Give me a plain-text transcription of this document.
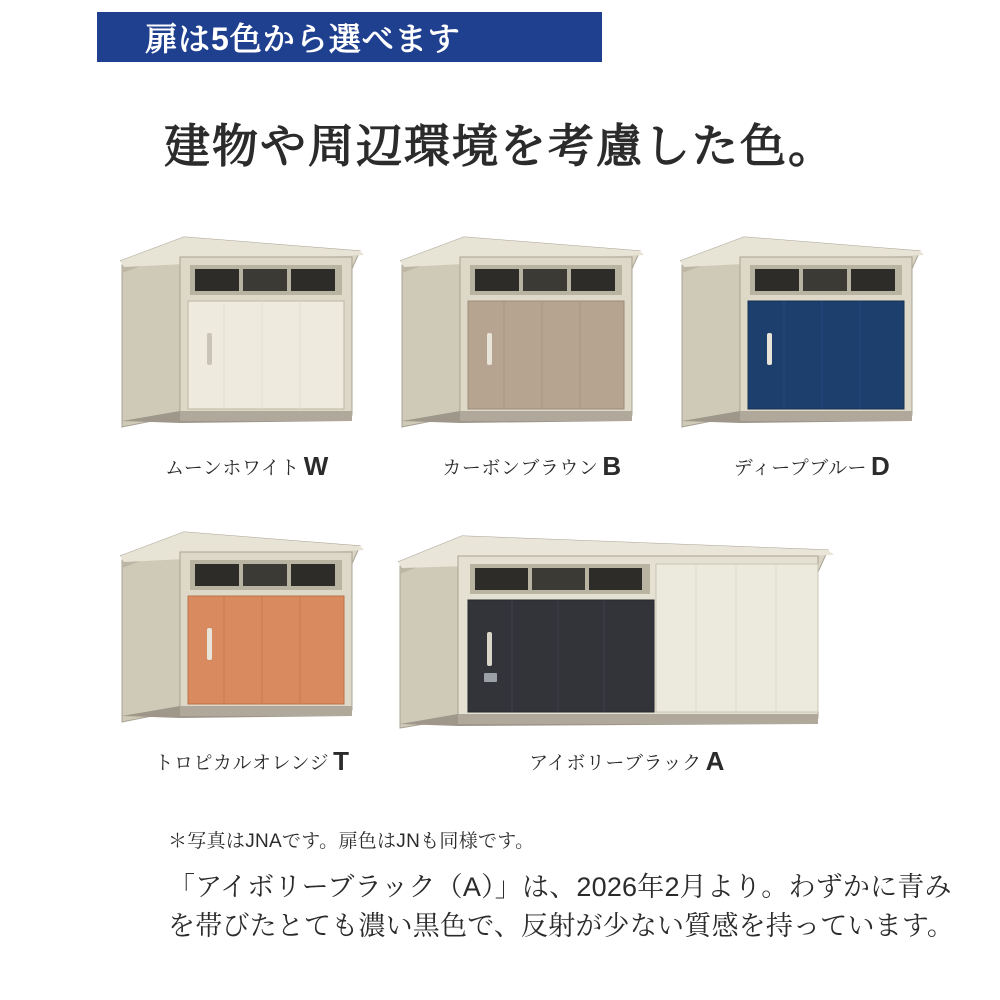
扉は5色から選べます
建物や周辺環境を考慮した色。
ムーンホワイト W	カーボンブラウン B	ディープブルー D
トロピカルオレンジ T	アイボリーブラック A
＊写真はJNAです。扉色はJNも同様です。
「アイボリーブラック（A）」は、2026年2月より。わずかに青みを帯びたとても濃い黒色で、反射が少ない質感を持っています。
